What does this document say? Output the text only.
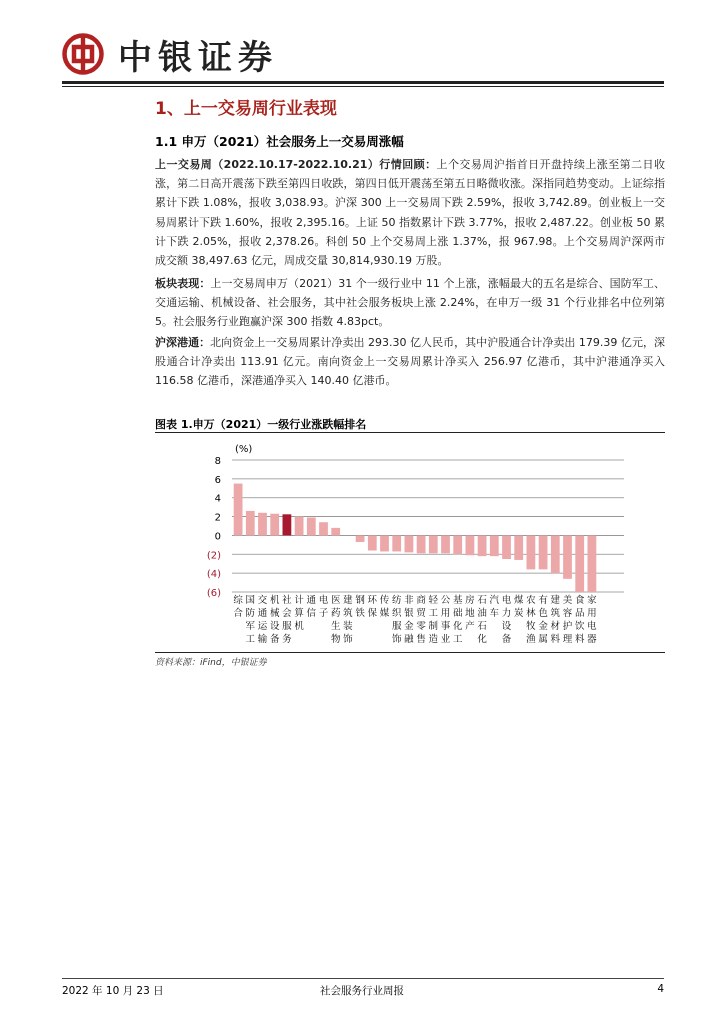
中银证券
1、上一交易周行业表现
1.1 申万（2021）社会服务上一交易周涨幅
上一交易周（2022.10.17-2022.10.21）行情回顾：上个交易周沪指首日开盘持续上涨至第二日收涨，第二日高开震荡下跌至第四日收跌，第四日低开震荡至第五日略微收涨。深指同趋势变动。上证综指累计下跌 1.08%，报收 3,038.93。沪深 300 上一交易周下跌 2.59%，报收 3,742.89。创业板上一交易周累计下跌 1.60%，报收 2,395.16。上证 50 指数累计下跌 3.77%，报收 2,487.22。创业板 50 累计下跌 2.05%，报收 2,378.26。科创 50 上个交易周上涨 1.37%，报 967.98。上个交易周沪深两市成交额 38,497.63 亿元，周成交量 30,814,930.19 万股。
板块表现：上一交易周申万（2021）31 个一级行业中 11 个上涨，涨幅最大的五名是综合、国防军工、交通运输、机械设备、社会服务，其中社会服务板块上涨 2.24%，在申万一级 31 个行业排名中位列第 5。社会服务行业跑赢沪深 300 指数 4.83pct。
沪深港通：北向资金上一交易周累计净卖出 293.30 亿人民币，其中沪股通合计净卖出 179.39 亿元，深股通合计净卖出 113.91 亿元。南向资金上一交易周累计净买入 256.97 亿港币，其中沪港通净买入 116.58 亿港币，深港通净买入 140.40 亿港币。
图表 1.申万（2021）一级行业涨跌幅排名
(%)
8
6
4
2
0
(2)
(4)
(6)
综合
国防军工
交通运输
机械设备
社会服务
计算机
通信
电子
医药生物
建筑装饰
钢铁
环保
传媒
纺织服饰
非银金融
商贸零售
轻工制造
公用事业
基础化工
房地产
石油石化
汽车
电力设备
煤炭
农林牧渔
有色金属
建筑材料
美容护理
食品饮料
家用电器
资料来源：iFind，中银证券
2022 年 10 月 23 日	社会服务行业周报	4
